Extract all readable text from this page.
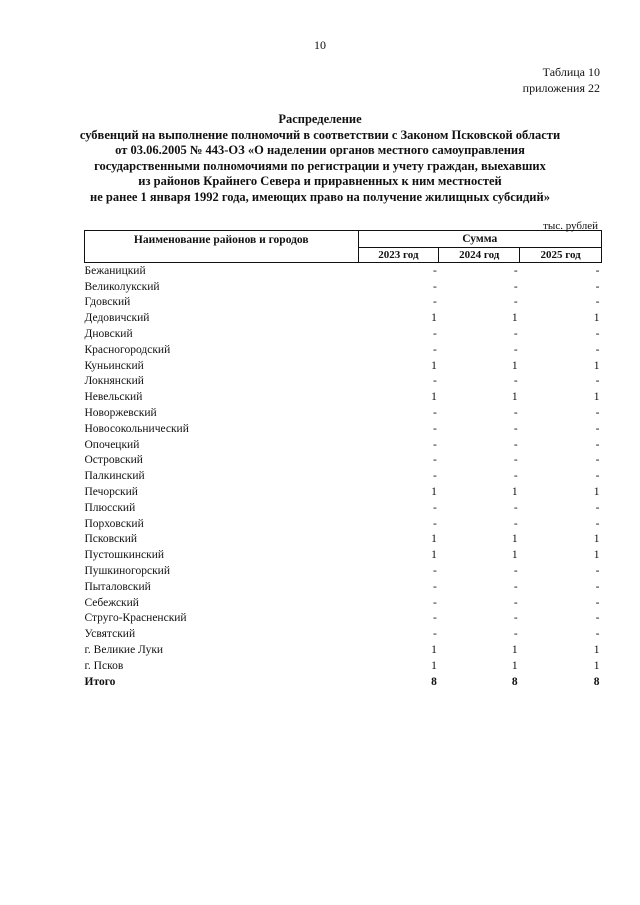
10
Таблица 10
приложения 22
Распределение
субвенций на выполнение полномочий в соответствии с Законом Псковской области
от 03.06.2005 № 443-ОЗ «О наделении органов местного самоуправления
государственными полномочиями по регистрации и учету граждан, выехавших
из районов Крайнего Севера и приравненных к ним местностей
не ранее 1 января 1992 года, имеющих право на получение жилищных субсидий»
тыс. рублей
Наименование районов и городов	Сумма		
	2023 год	2024 год	2025 год
Бежаницкий	-	-	-
Великолукский	-	-	-
Гдовский	-	-	-
Дедовичский	1	1	1
Дновский	-	-	-
Красногородский	-	-	-
Куньинский	1	1	1
Локнянский	-	-	-
Невельский	1	1	1
Новоржевский	-	-	-
Новосокольнический	-	-	-
Опочецкий	-	-	-
Островский	-	-	-
Палкинский	-	-	-
Печорский	1	1	1
Плюсский	-	-	-
Порховский	-	-	-
Псковский	1	1	1
Пустошкинский	1	1	1
Пушкиногорский	-	-	-
Пыталовский	-	-	-
Себежский	-	-	-
Струго-Красненский	-	-	-
Усвятский	-	-	-
г. Великие Луки	1	1	1
г. Псков	1	1	1
Итого	8	8	8
